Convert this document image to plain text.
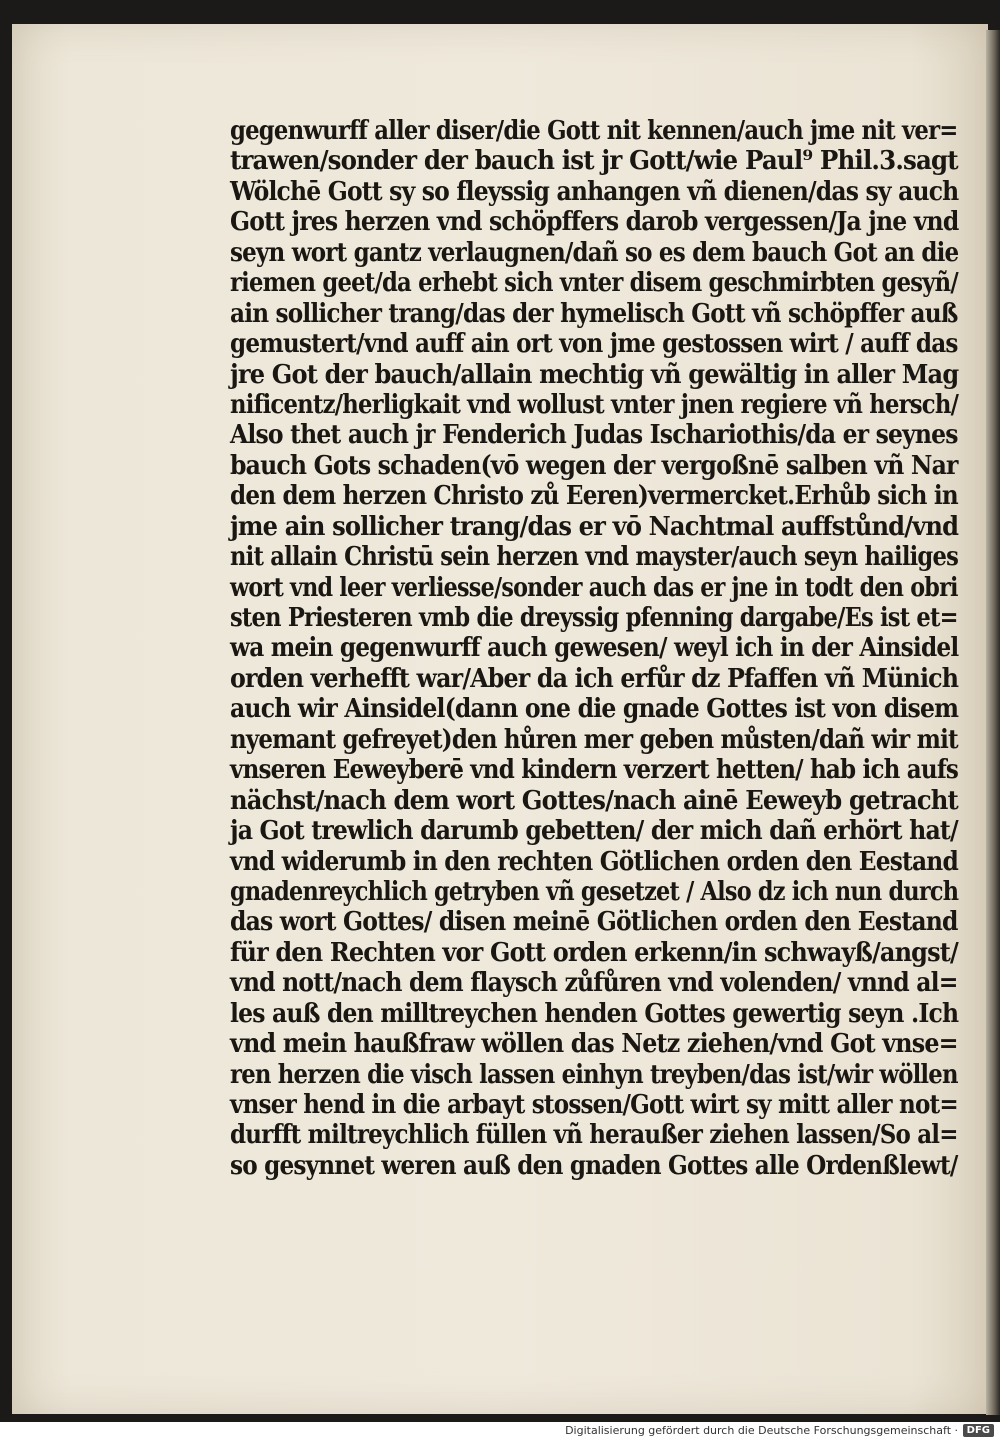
gegenwurff aller diser/die Gott nit kennen/auch jme nit ver=
trawen/sonder der bauch ist jr Gott/wie Paul⁹ Phil.3.sagt
Wölchē Gott sy so fleyssig anhangen vñ dienen/das sy auch
Gott jres herzen vnd schöpffers darob vergessen/Ja jne vnd
seyn wort gantz verlaugnen/dañ so es dem bauch Got an die
riemen geet/da erhebt sich vnter disem geschmirbten gesyñ/
ain sollicher trang/das der hymelisch Gott vñ schöpffer auß
gemustert/vnd auff ain ort von jme gestossen wirt / auff das
jre Got der bauch/allain mechtig vñ gewältig in aller Mag
nificentz/herligkait vnd wollust vnter jnen regiere vñ hersch/
Also thet auch jr Fenderich Judas Ischariothis/da er seynes
bauch Gots schaden(vō wegen der vergoßnē salben vñ Nar
den dem herzen Christo zů Eeren)vermercket.Erhůb sich in
jme ain sollicher trang/das er vō Nachtmal auffstůnd/vnd
nit allain Christū sein herzen vnd mayster/auch seyn hailiges
wort vnd leer verliesse/sonder auch das er jne in todt den obri
sten Priesteren vmb die dreyssig pfenning dargabe/Es ist et=
wa mein gegenwurff auch gewesen/ weyl ich in der Ainsidel
orden verhefft war/Aber da ich erfůr dz Pfaffen vñ Münich
auch wir Ainsidel(dann one die gnade Gottes ist von disem
nyemant gefreyet)den hůren mer geben můsten/dañ wir mit
vnseren Eeweyberē vnd kindern verzert hetten/ hab ich aufs
nächst/nach dem wort Gottes/nach ainē Eeweyb getracht
ja Got trewlich darumb gebetten/ der mich dañ erhört hat/
vnd widerumb in den rechten Götlichen orden den Eestand
gnadenreychlich getryben vñ gesetzet / Also dz ich nun durch
das wort Gottes/ disen meinē Götlichen orden den Eestand
für den Rechten vor Gott orden erkenn/in schwayß/angst/
vnd nott/nach dem flaysch zůfůren vnd volenden/ vnnd al=
les auß den milltreychen henden Gottes gewertig seyn .Ich
vnd mein haußfraw wöllen das Netz ziehen/vnd Got vnse=
ren herzen die visch lassen einhyn treyben/das ist/wir wöllen
vnser hend in die arbayt stossen/Gott wirt sy mitt aller not=
durfft miltreychlich füllen vñ heraußer ziehen lassen/So al=
so gesynnet weren auß den gnaden Gottes alle Ordenßlewt/
Digitalisierung gefördert durch die Deutsche Forschungsgemeinschaft · DFG
